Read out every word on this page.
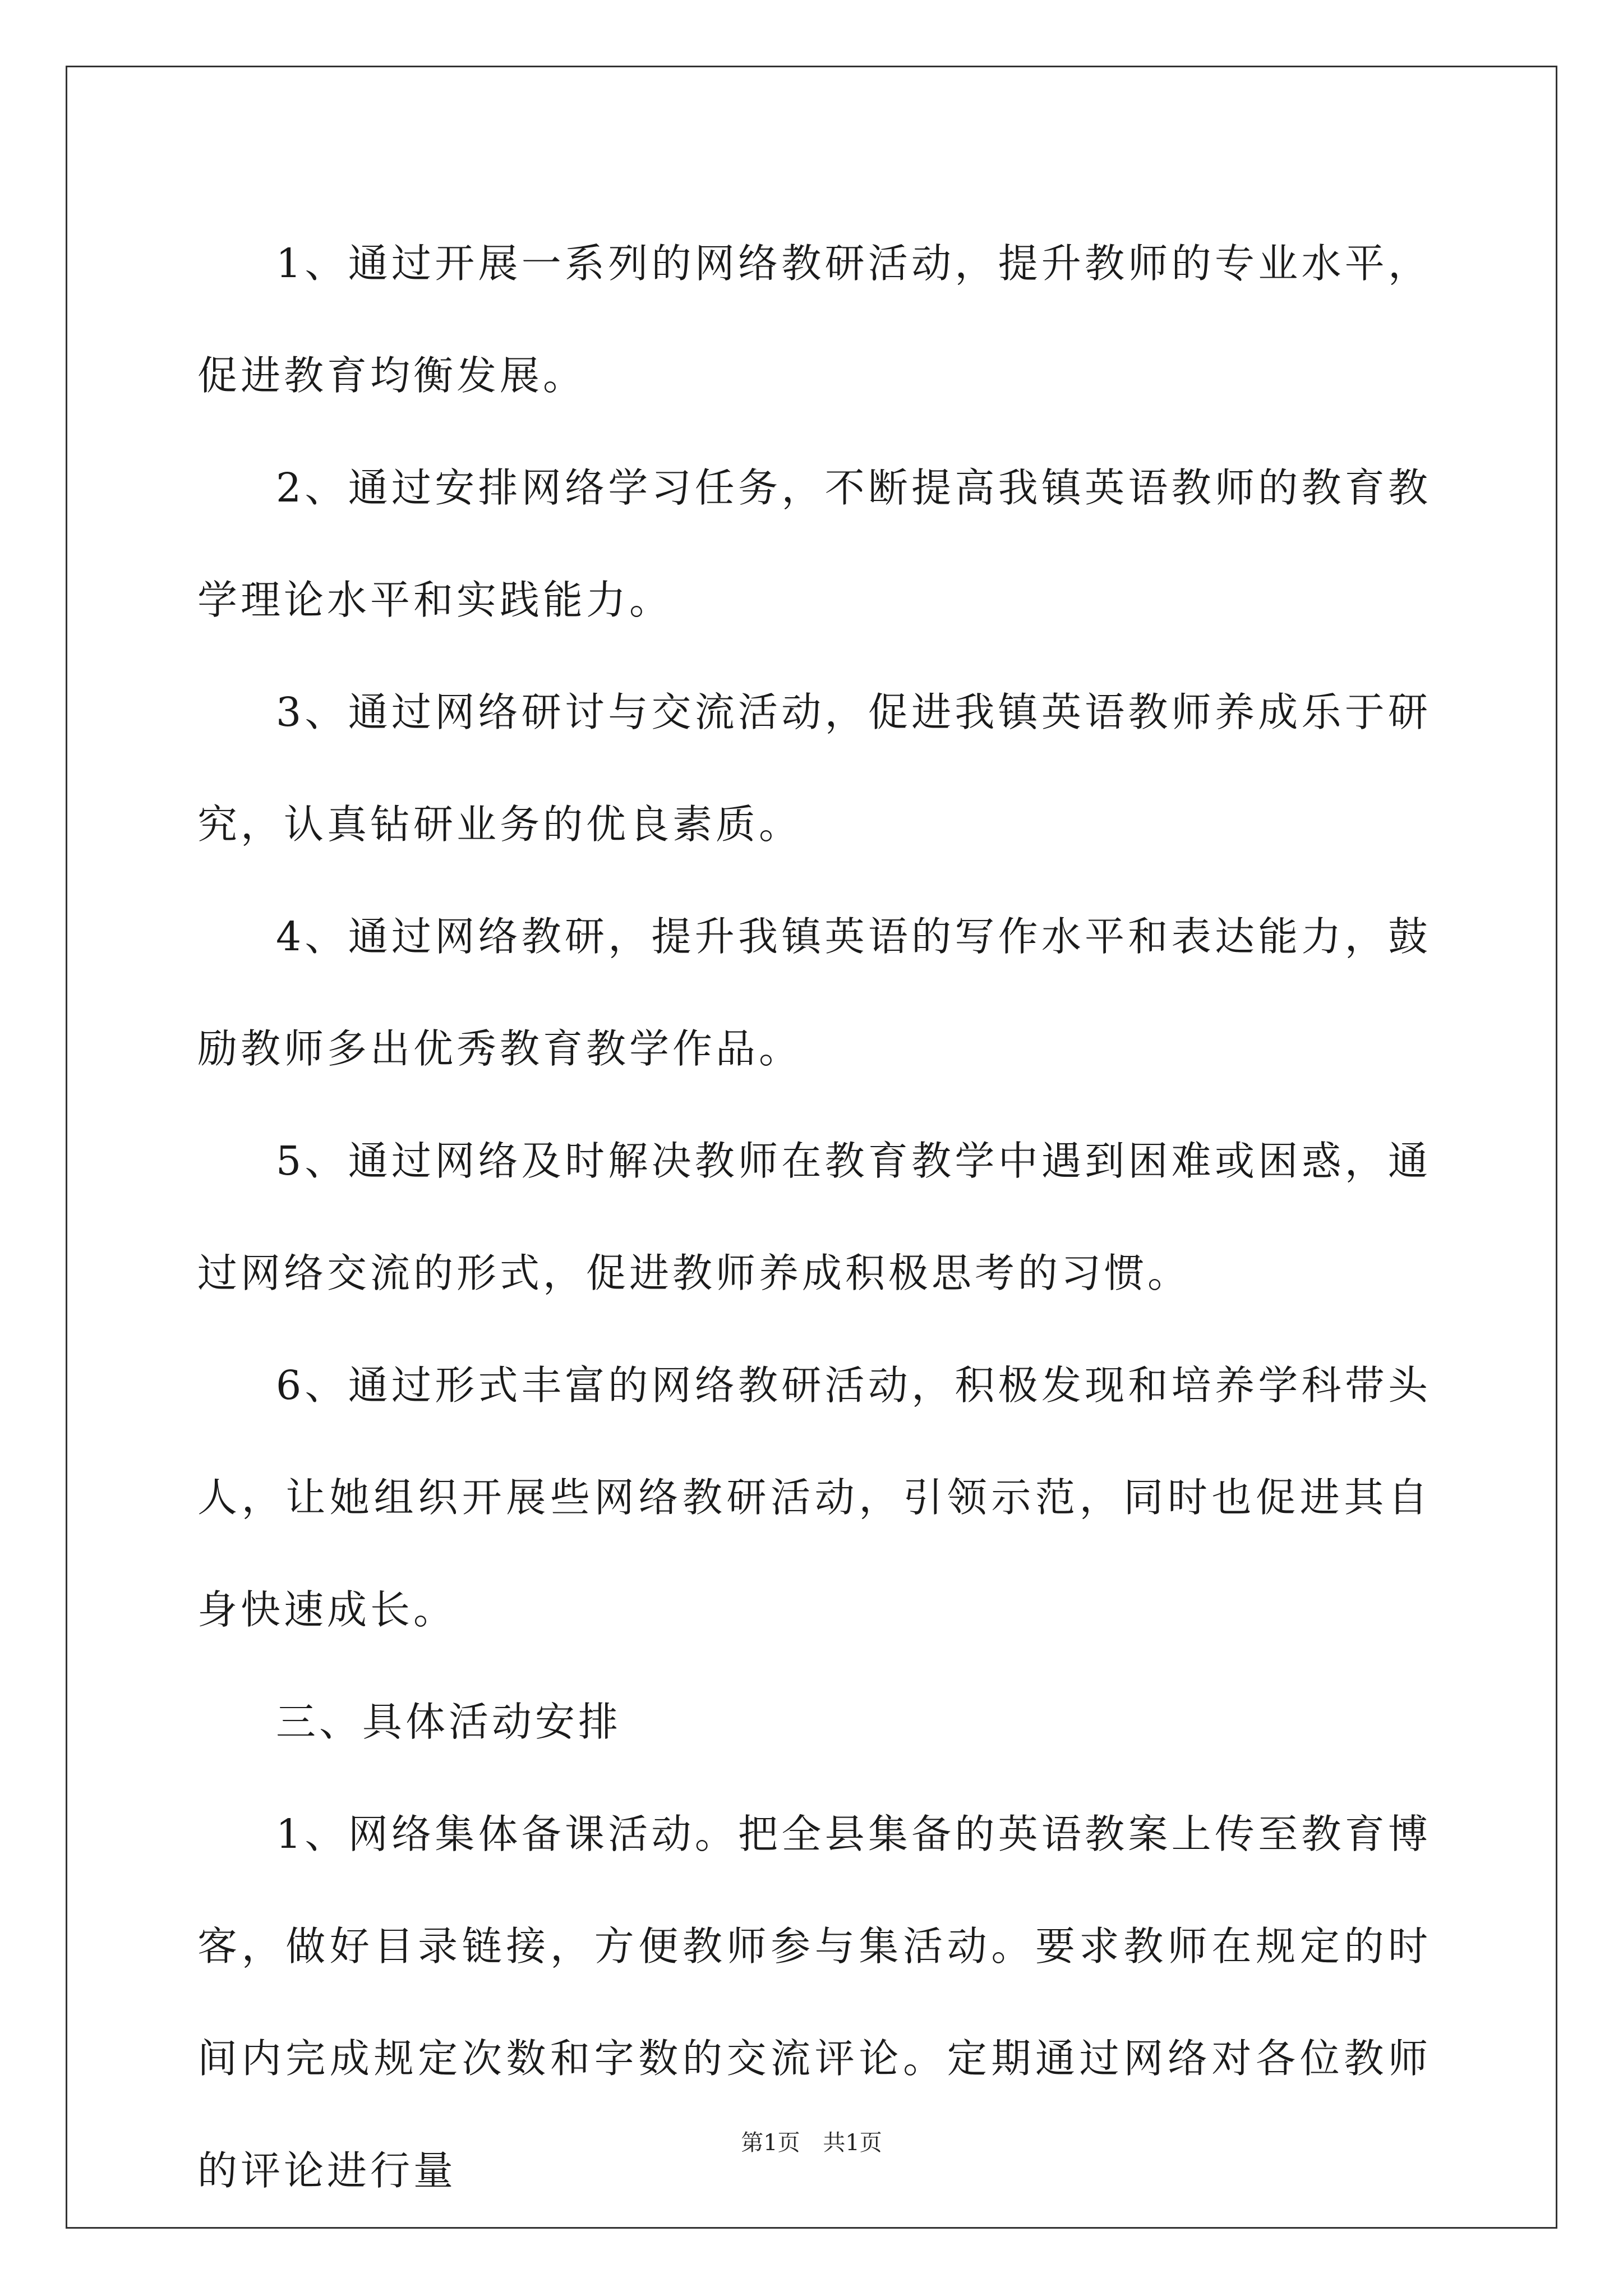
1、通过开展一系列的网络教研活动，提升教师的专业水平，促进教育均衡发展。

2、通过安排网络学习任务，不断提高我镇英语教师的教育教学理论水平和实践能力。

3、通过网络研讨与交流活动，促进我镇英语教师养成乐于研究，认真钻研业务的优良素质。

4、通过网络教研，提升我镇英语的写作水平和表达能力，鼓励教师多出优秀教育教学作品。

5、通过网络及时解决教师在教育教学中遇到困难或困惑，通过网络交流的形式，促进教师养成积极思考的习惯。

6、通过形式丰富的网络教研活动，积极发现和培养学科带头人，让她组织开展些网络教研活动，引领示范，同时也促进其自身快速成长。

三、具体活动安排

1、网络集体备课活动。把全县集备的英语教案上传至教育博客，做好目录链接，方便教师参与集活动。要求教师在规定的时间内完成规定次数和字数的交流评论。定期通过网络对各位教师的评论进行量

第1页 共1页
